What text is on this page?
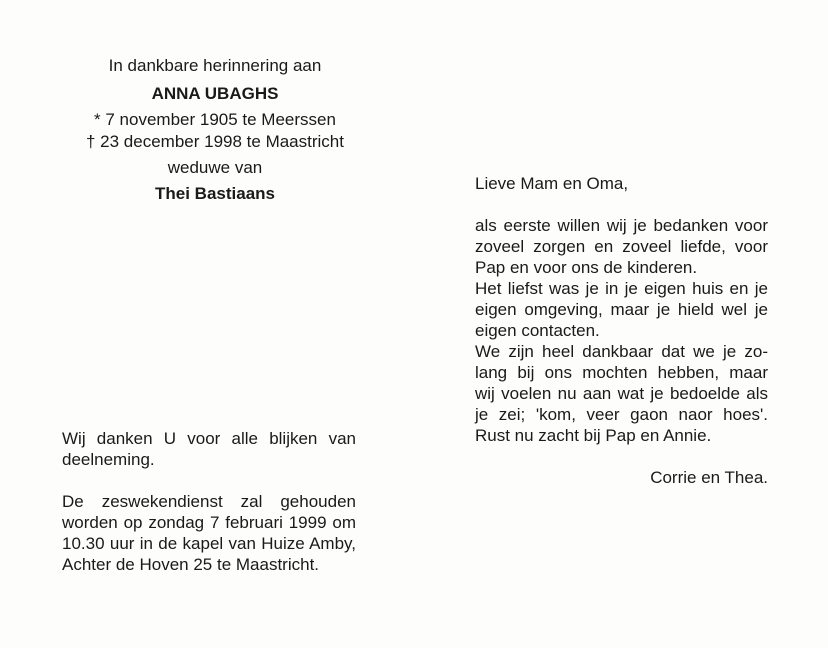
In dankbare herinnering aan
ANNA UBAGHS
* 7 november 1905 te Meerssen
† 23 december 1998 te Maastricht
weduwe van
Thei Bastiaans

Wij danken U voor alle blijken van deelneming.

De zeswekendienst zal gehouden worden op zondag 7 februari 1999 om 10.30 uur in de kapel van Huize Amby, Achter de Hoven 25 te Maastricht.

Lieve Mam en Oma,

als eerste willen wij je bedanken voor
zoveel zorgen en zoveel liefde, voor
Pap en voor ons de kinderen.
Het liefst was je in je eigen huis en je
eigen omgeving, maar je hield wel je
eigen contacten.
We zijn heel dankbaar dat we je zo-
lang bij ons mochten hebben, maar
wij voelen nu aan wat je bedoelde als
je zei; 'kom, veer gaon naor hoes'.
Rust nu zacht bij Pap en Annie.
Corrie en Thea.
